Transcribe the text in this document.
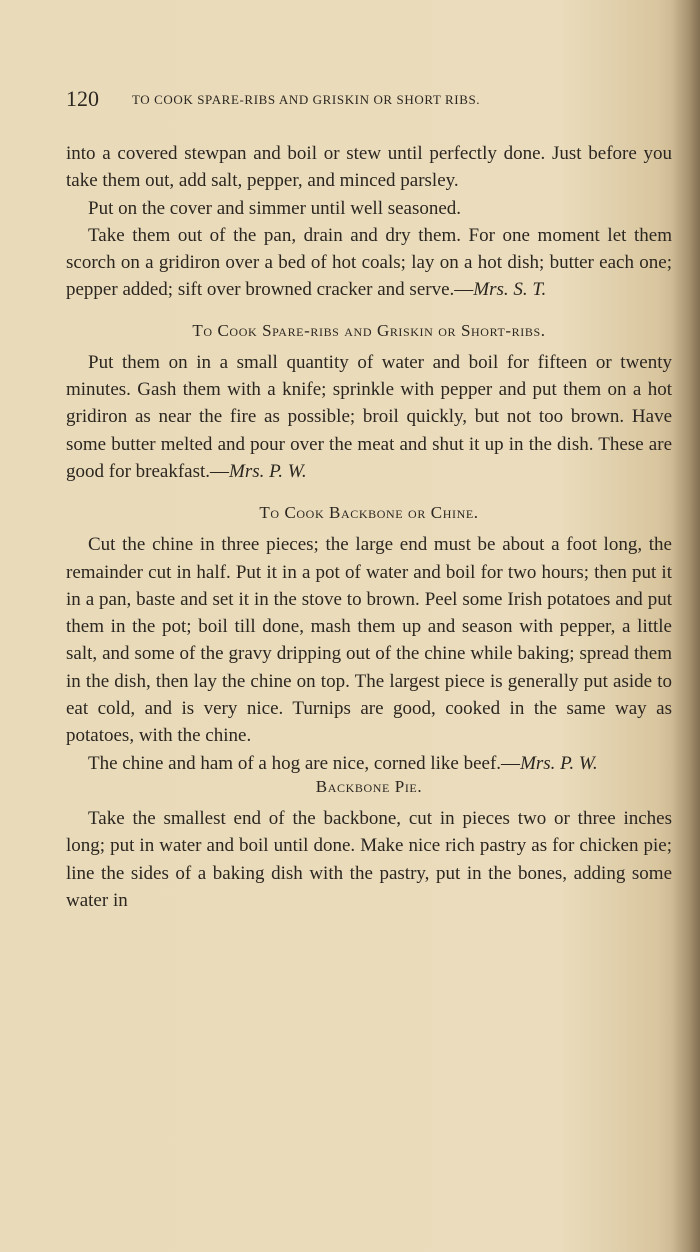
120	TO COOK SPARE-RIBS AND GRISKIN OR SHORT RIBS.

into a covered stewpan and boil or stew until perfectly done. Just before you take them out, add salt, pepper, and minced parsley.

Put on the cover and simmer until well seasoned.

Take them out of the pan, drain and dry them. For one moment let them scorch on a gridiron over a bed of hot coals; lay on a hot dish; butter each one; pepper added; sift over browned cracker and serve.—Mrs. S. T.

To Cook Spare-ribs and Griskin or Short-ribs.

Put them on in a small quantity of water and boil for fifteen or twenty minutes. Gash them with a knife; sprinkle with pepper and put them on a hot gridiron as near the fire as possible; broil quickly, but not too brown. Have some butter melted and pour over the meat and shut it up in the dish. These are good for breakfast.—Mrs. P. W.

To Cook Backbone or Chine.

Cut the chine in three pieces; the large end must be about a foot long, the remainder cut in half. Put it in a pot of water and boil for two hours; then put it in a pan, baste and set it in the stove to brown. Peel some Irish potatoes and put them in the pot; boil till done, mash them up and season with pepper, a little salt, and some of the gravy dripping out of the chine while baking; spread them in the dish, then lay the chine on top. The largest piece is generally put aside to eat cold, and is very nice. Turnips are good, cooked in the same way as potatoes, with the chine.

The chine and ham of a hog are nice, corned like beef.—Mrs. P. W.

Backbone Pie.

Take the smallest end of the backbone, cut in pieces two or three inches long; put in water and boil until done. Make nice rich pastry as for chicken pie; line the sides of a baking dish with the pastry, put in the bones, adding some water in
